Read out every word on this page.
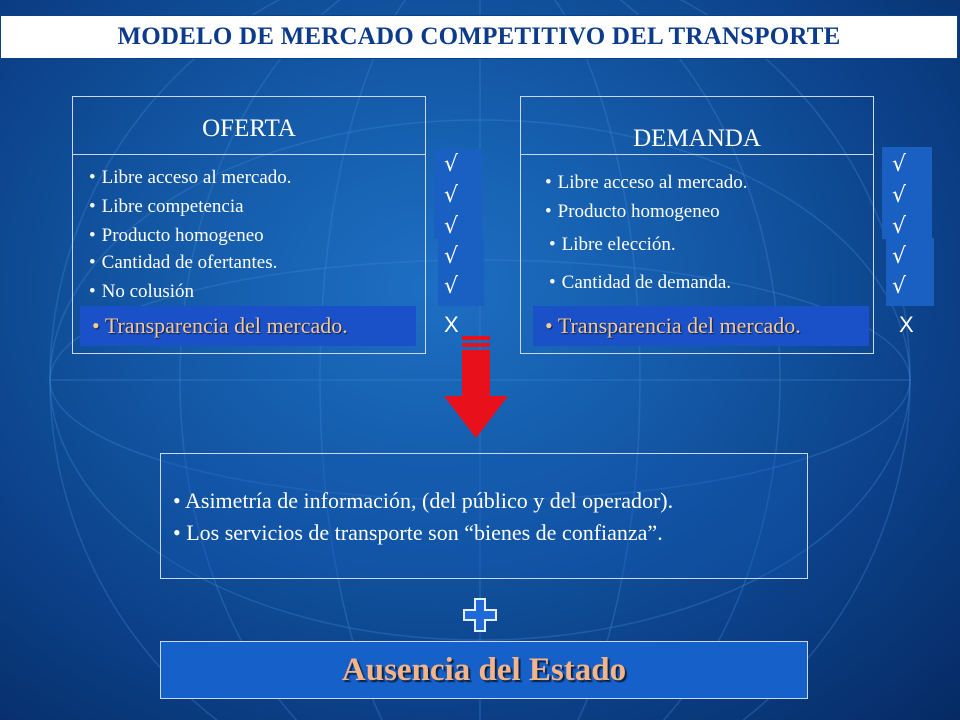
MODELO DE MERCADO COMPETITIVO DEL TRANSPORTE
OFERTA
• Libre acceso al mercado.
• Libre competencia
• Producto homogeneo
• Cantidad de ofertantes.
• No colusión
• Transparencia del mercado.
√
√
√
√
√
X
DEMANDA
• Libre acceso al mercado.
• Producto homogeneo
• Libre elección.
• Cantidad de demanda.
• Transparencia del mercado.
√
√
√
√
√
X
• Asimetría de información, (del público y del operador).
• Los servicios de transporte son “bienes de confianza”.
Ausencia del Estado
